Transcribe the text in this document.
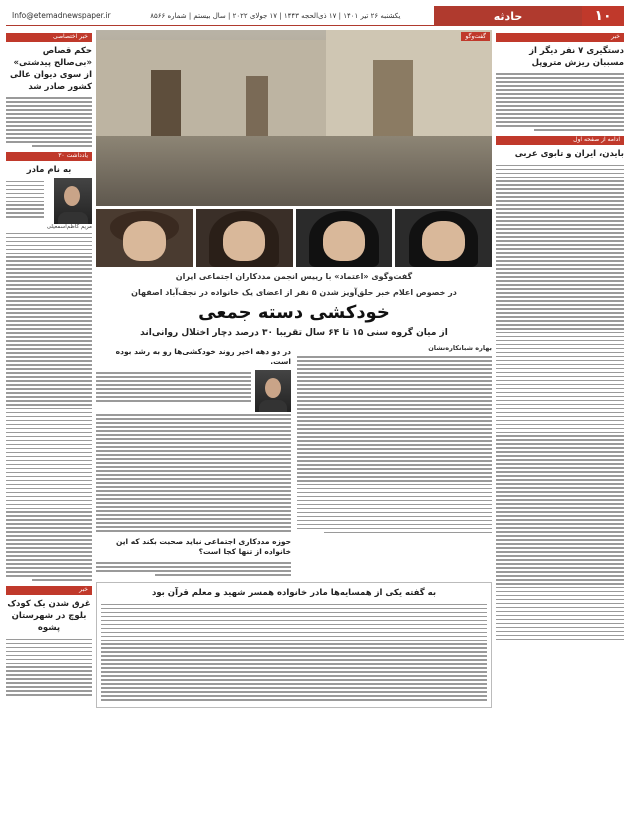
۱۰
حادثه
یکشنبه ۲۶ تیر ۱۴۰۱ | ۱۷ ذی‌الحجه ۱۴۴۳ | ۱۷ جولای ۲۰۲۲ | سال بیستم | شماره ۸۵۶۶
Info@etemadnewspaper.ir
خبر
دستگیری ۷ نفر دیگر از مسببان ریزش متروپل
ادامه از صفحه اول
بایدن، ایران و تابوی عربی
گفت‌وگو
گفت‌وگوی «اعتماد» با رییس انجمن مددکاران اجتماعی ایران
در خصوص اعلام خبر حلق‌آویز شدن ۵ نفر از اعضای یک خانواده در نجف‌آباد اصفهان
خودکشی دسته جمعی
از میان گروه سنی ۱۵ تا ۶۴ سال تقریبا ۳۰ درصد دچار اختلال روانی‌اند
بهاره شبانکاره‌نشان
در دو دهه اخیر روند خودکشی‌ها رو به رشد بوده است.
حوزه مددکاری اجتماعی نباید صحبت بکند که این خانواده از تنها کجا است؟
به گفته یکی از همسایه‌ها مادر خانواده همسر شهید و معلم قرآن بود
خبر اختصاصی
حکم قصاص «بی‌صالح پیدشتی» از سوی دیوان عالی کشور صادر شد
یادداشت ۳۰
به نام مادر
مریم کاظم‌اسمعیلی
خبر
غرق شدن یک کودک بلوچ در شهرستان پشوه
